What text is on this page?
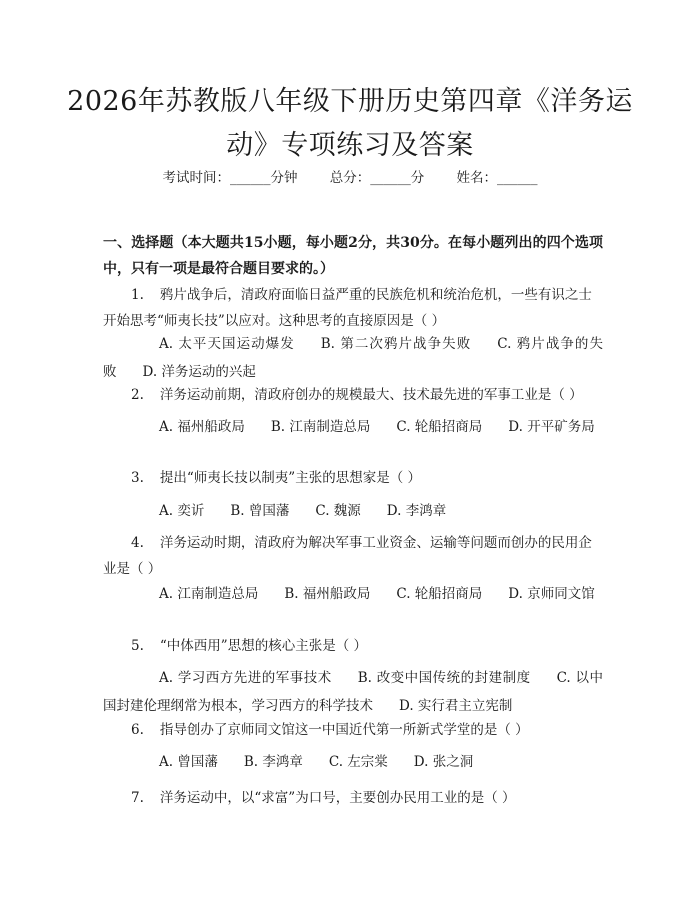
2026年苏教版八年级下册历史第四章《洋务运动》专项练习及答案
考试时间：______分钟 总分：______分 姓名：______
一、选择题（本大题共15小题，每小题2分，共30分。在每小题列出的四个选项中，只有一项是最符合题目要求的。）

1. 鸦片战争后，清政府面临日益严重的民族危机和统治危机，一些有识之士开始思考“师夷长技”以应对。这种思考的直接原因是（ ）

A. 太平天国运动爆发 B. 第二次鸦片战争失败 C. 鸦片战争的失败 D. 洋务运动的兴起

2. 洋务运动前期，清政府创办的规模最大、技术最先进的军事工业是（ ）

A. 福州船政局 B. 江南制造总局 C. 轮船招商局 D. 开平矿务局

3. 提出“师夷长技以制夷”主张的思想家是（ ）

A. 奕䜣 B. 曾国藩 C. 魏源 D. 李鸿章

4. 洋务运动时期，清政府为解决军事工业资金、运输等问题而创办的民用企业是（ ）

A. 江南制造总局 B. 福州船政局 C. 轮船招商局 D. 京师同文馆

5. “中体西用”思想的核心主张是（ ）

A. 学习西方先进的军事技术 B. 改变中国传统的封建制度 C. 以中国封建伦理纲常为根本，学习西方的科学技术 D. 实行君主立宪制

6. 指导创办了京师同文馆这一中国近代第一所新式学堂的是（ ）

A. 曾国藩 B. 李鸿章 C. 左宗棠 D. 张之洞

7. 洋务运动中，以“求富”为口号，主要创办民用工业的是（ ）
